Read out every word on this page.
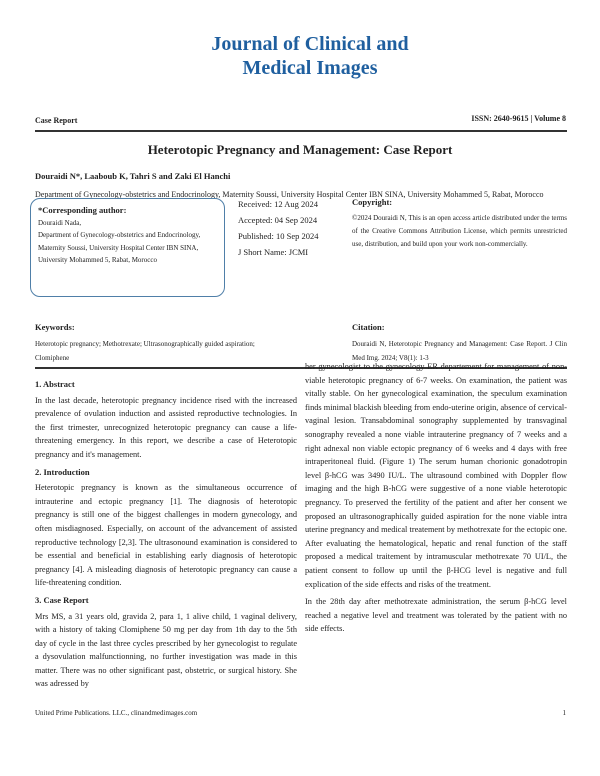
Journal of Clinical and
Medical Images
Case Report	ISSN: 2640-9615 | Volume 8
Heterotopic Pregnancy and Management: Case Report
Douraidi N*, Laaboub K, Tahri S and Zaki El Hanchi
Department of Gynecology-obstetrics and Endocrinology, Maternity Soussi, University Hospital Center IBN SINA, University Mohammed 5, Rabat, Morocco
*Corresponding author:
Douraidi Nada,
Department of Gynecology-obstetrics and Endocrinology, Maternity Soussi, University Hospital Center IBN SINA, University Mohammed 5, Rabat, Morocco
Received: 12 Aug 2024
Accepted: 04 Sep 2024
Published: 10 Sep 2024
J Short Name: JCMI
Copyright:
©2024 Douraidi N, This is an open access article distributed under the terms of the Creative Commons Attribution License, which permits unrestricted use, distribution, and build upon your work non-commercially.
Keywords:
Heterotopic pregnancy; Methotrexate; Ultrasonographically guided aspiration; Clomiphene
Citation:
Douraidi N, Heterotopic Pregnancy and Management: Case Report. J Clin Med Img. 2024; V8(1): 1-3
1. Abstract

In the last decade, heterotopic pregnancy incidence rised with the increased prevalence of ovulation induction and assisted reproductive technologies. In the first trimester, unrecognized heterotopic pregnancy can cause a life-threatening emergency. In this report, we describe a case of Heterotopic pregnancy and it's management.

2. Introduction

Heterotopic pregnancy is known as the simultaneous occurrence of intrauterine and ectopic pregnancy [1]. The diagnosis of heterotopic pregnancy is still one of the biggest challenges in modern gynecology, and often misdiagnosed. Especially, on account of the advancement of assisted reproductive technology [2,3]. The ultrasonound examination is considered to be essential and beneficial in establishing early diagnosis of heterotopic pregnancy [4]. A misleading diagnosis of heterotopic pregnancy can cause a life-threatening condition.

3. Case Report

Mrs MS, a 31 years old, gravida 2, para 1, 1 alive child, 1 vaginal delivery, with a history of taking Clomiphene 50 mg per day from 1th day to the 5th day of cycle in the last three cycles prescribed by her gynecologist to regulate a dysovulation malfunctionning, no further investigation was made in this matter. There was no other significant past, obstetric, or surgical history. She was adressed by

her gynecologist to the gynecology ER departement for management of non-viable heterotopic pregnancy of 6-7 weeks. On examination, the patient was vitally stable. On her gynecological examination, the speculum examination finds minimal blackish bleeding from endo-uterine origin, absence of cervical-vaginal lesion. Transabdominal sonography supplemented by transvaginal sonography revealed a none viable intrauterine pregnancy of 7 weeks and a right adnexal non viable ectopic pregnancy of 6 weeks and 4 days with free intraperitoneal fluid. (Figure 1) The serum human chorionic gonadotropin level β-hCG was 3490 IU/L. The ultrasound combined with Doppler flow imaging and the high B-hCG were suggestive of a none viable heterotopic pregnancy. To preserved the fertility of the patient and after her consent we proposed an ultrasonographically guided aspiration for the none viable intra uterine pregnancy and medical treatement by methotrexate for the ectopic one. After evaluating the hematological, hepatic and renal function of the staff proposed a medical traitement by intramuscular methotrexate 70 UI/L, the patient consent to follow up until the β-HCG level is negative and full explication of the side effects and risks of the treatment.

In the 28th day after methotrexate administration, the serum β-hCG level reached a negative level and treatment was tolerated by the patient with no side effects.

United Prime Publications. LLC., clinandmedimages.com	1
